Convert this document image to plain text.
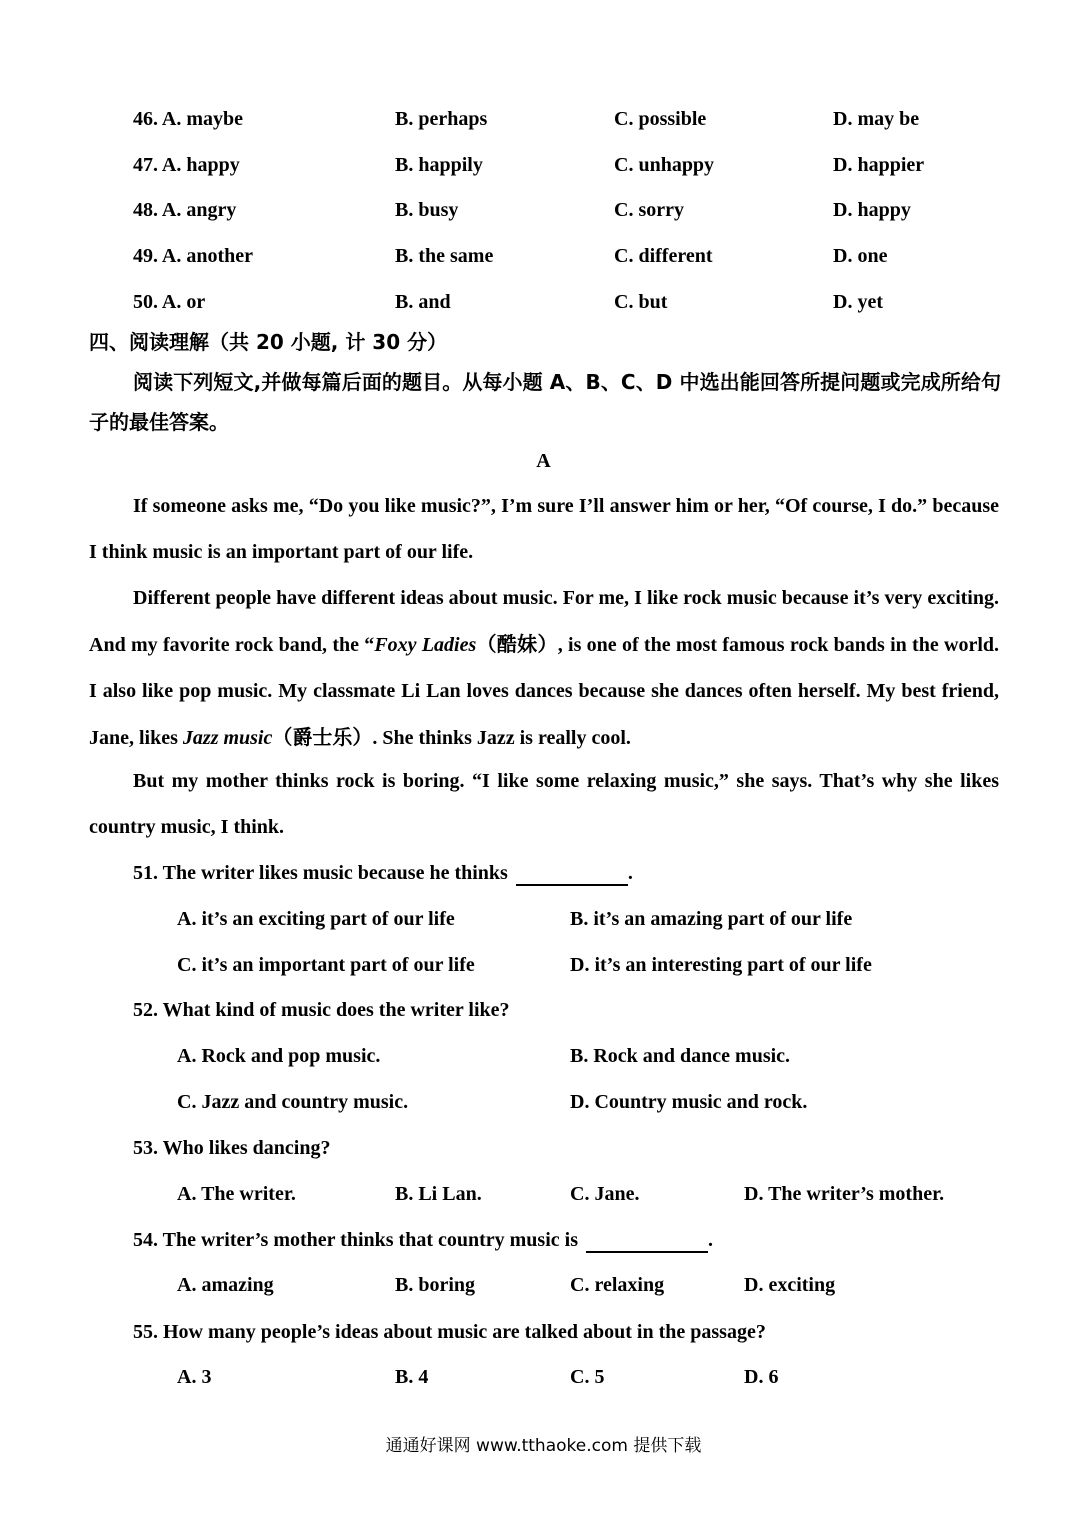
46. A. maybe	B. perhaps	C. possible	D. may be
47. A. happy	B. happily	C. unhappy	D. happier
48. A. angry	B. busy	C. sorry	D. happy
49. A. another	B. the same	C. different	D. one
50. A. or	B. and	C. but	D. yet
四、阅读理解（共 20 小题, 计 30 分）
阅读下列短文,并做每篇后面的题目。从每小题 A、B、C、D 中选出能回答所提问题或完成所给句子的最佳答案。
A
If someone asks me, “Do you like music?”, I’m sure I’ll answer him or her, “Of course, I do.” because I think music is an important part of our life.
Different people have different ideas about music. For me, I like rock music because it’s very exciting. And my favorite rock band, the “Foxy Ladies（酷妹）, is one of the most famous rock bands in the world. I also like pop music. My classmate Li Lan loves dances because she dances often herself. My best friend, Jane, likes Jazz music（爵士乐）. She thinks Jazz is really cool.
But my mother thinks rock is boring. “I like some relaxing music,” she says. That’s why she likes country music, I think.
51. The writer likes music because he thinks	.
A. it’s an exciting part of our life	B. it’s an amazing part of our life
C. it’s an important part of our life	D. it’s an interesting part of our life
52. What kind of music does the writer like?
A. Rock and pop music.	B. Rock and dance music.
C. Jazz and country music.	D. Country music and rock.
53. Who likes dancing?
A. The writer.	B. Li Lan.	C. Jane.	D. The writer’s mother.
54. The writer’s mother thinks that country music is	.
A. amazing	B. boring	C. relaxing	D. exciting
55. How many people’s ideas about music are talked about in the passage?
A. 3	B. 4	C. 5	D. 6
通通好课网 www.tthaoke.com 提供下载
